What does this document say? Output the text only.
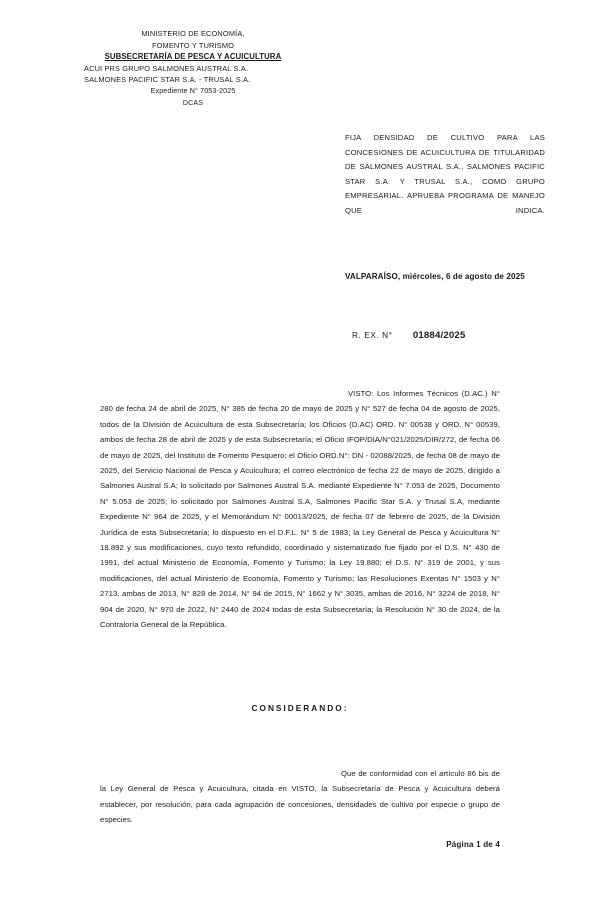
MINISTERIO DE ECONOMÍA,
FOMENTO Y TURISMO
SUBSECRETARÍA DE PESCA Y ACUICULTURA
ACUI PRS GRUPO SALMONES AUSTRAL S.A.
SALMONES PACIFIC STAR S.A. - TRUSAL S.A.
Expediente N° 7053-2025
DCAS

FIJA DENSIDAD DE CULTIVO PARA LAS CONCESIONES DE ACUICULTURA DE TITULARIDAD DE SALMONES AUSTRAL S.A., SALMONES PACIFIC STAR S.A. Y TRUSAL S.A., COMO GRUPO EMPRESARIAL. APRUEBA PROGRAMA DE MANEJO QUE INDICA.

VALPARAÍSO, miércoles, 6 de agosto de 2025
R. EX. N° 01884/2025

VISTO: Los Informes Técnicos (D.AC.) N° 280 de fecha 24 de abril de 2025, N° 385 de fecha 20 de mayo de 2025 y N° 527 de fecha 04 de agosto de 2025, todos de la División de Acuicultura de esta Subsecretaría; los Oficios (D.AC) ORD. N° 00538 y ORD. N° 00539, ambos de fecha 28 de abril de 2025 y de esta Subsecretaría; el Oficio IFOP/DIA/N°021/2025/DIR/272, de fecha 06 de mayo de 2025, del Instituto de Fomento Pesquero; el Oficio ORD.N°: DN - 02088/2025, de fecha 08 de mayo de 2025, del Servicio Nacional de Pesca y Acuicultura; el correo electrónico de fecha 22 de mayo de 2025, dirigido a Salmones Austral S.A; lo solicitado por Salmones Austral S.A. mediante Expediente N° 7.053 de 2025, Documento N° 5.053 de 2025; lo solicitado por Salmones Austral S.A, Salmones Pacific Star S.A. y Trusal S.A, mediante Expediente N° 964 de 2025, y el Memorándum N° 00013/2025, de fecha 07 de febrero de 2025, de la División Jurídica de esta Subsecretaría; lo dispuesto en el D.F.L. N° 5 de 1983; la Ley General de Pesca y Acuicultura N° 18.892 y sus modificaciones, cuyo texto refundido, coordinado y sistematizado fue fijado por el D.S. N° 430 de 1991, del actual Ministerio de Economía, Fomento y Turismo; la Ley 19.880; el D.S. N° 319 de 2001, y sus modificaciones, del actual Ministerio de Economía, Fomento y Turismo; las Resoluciones Exentas N° 1503 y N° 2713, ambas de 2013, N° 828 de 2014, N° 94 de 2015, N° 1662 y N° 3035, ambas de 2016, N° 3224 de 2018, N° 904 de 2020, N° 970 de 2022, N° 2440 de 2024 todas de esta Subsecretaría; la Resolución N° 30 de 2024, de la Contraloría General de la República.

CONSIDERANDO:

Que de conformidad con el artículo 86 bis de la Ley General de Pesca y Acuicultura, citada en VISTO, la Subsecretaría de Pesca y Acuicultura deberá establecer, por resolución, para cada agrupación de concesiones, densidades de cultivo por especie o grupo de especies.

Página 1 de 4
